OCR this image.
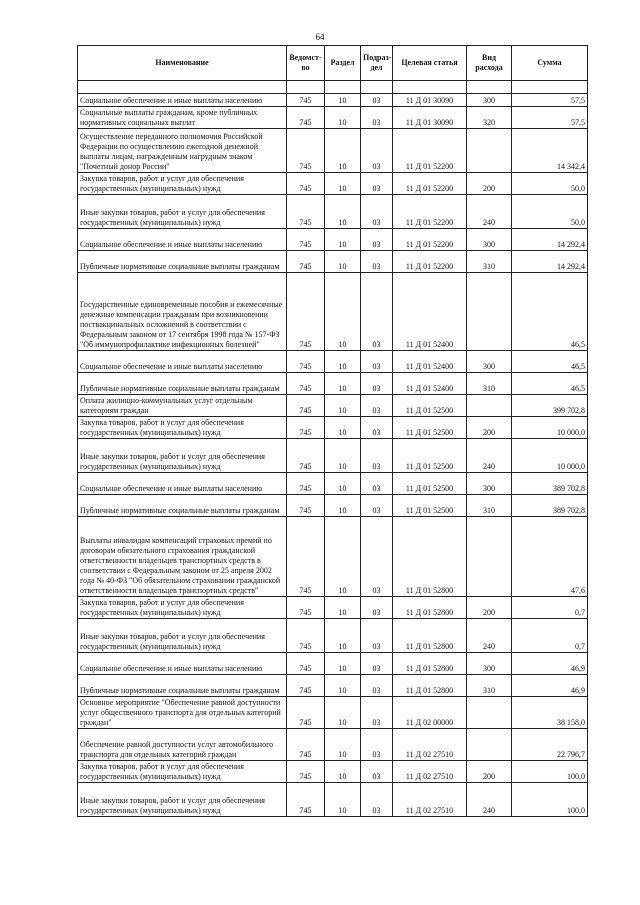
64
Наименование	Ведомст-во	Раздел	Подраз-дел	Целевая статья	Вид расхода	Сумма

Социальное обеспечение и иные выплаты населению	745	10	03	11 Д 01 30090	300	57,5
Социальные выплаты гражданам, кроме публичных нормативных социальных выплат	745	10	03	11 Д 01 30090	320	57,5
Осуществление переданного полномочия Российской Федерации по осуществлению ежегодной денежной выплаты лицам, награжденным нагрудным знаком "Почетный донор России"	745	10	03	11 Д 01 52200		14 342,4
Закупка товаров, работ и услуг для обеспечения государственных (муниципальных) нужд	745	10	03	11 Д 01 52200	200	50,0
Иные закупки товаров, работ и услуг для обеспечения государственных (муниципальных) нужд	745	10	03	11 Д 01 52200	240	50,0
Социальное обеспечение и иные выплаты населению	745	10	03	11 Д 01 52200	300	14 292,4
Публичные нормативные социальные выплаты гражданам	745	10	03	11 Д 01 52200	310	14 292,4
Государственные единовременные пособия и ежемесячные денежные компенсации гражданам при возникновении поствакцинальных осложнений в соответствии с Федеральным законом от 17 сентября 1998 года № 157-ФЗ "Об иммунопрофилактике инфекционных болезней"	745	10	03	11 Д 01 52400		46,5
Социальное обеспечение и иные выплаты населению	745	10	03	11 Д 01 52400	300	46,5
Публичные нормативные социальные выплаты гражданам	745	10	03	11 Д 01 52400	310	46,5
Оплата жилищно-коммунальных услуг отдельным категориям граждан	745	10	03	11 Д 01 52500		399 702,8
Закупка товаров, работ и услуг для обеспечения государственных (муниципальных) нужд	745	10	03	11 Д 01 52500	200	10 000,0
Иные закупки товаров, работ и услуг для обеспечения государственных (муниципальных) нужд	745	10	03	11 Д 01 52500	240	10 000,0
Социальное обеспечение и иные выплаты населению	745	10	03	11 Д 01 52500	300	389 702,8
Публичные нормативные социальные выплаты гражданам	745	10	03	11 Д 01 52500	310	389 702,8
Выплаты инвалидам компенсаций страховых премий по договорам обязательного страхования гражданской ответственности владельцев транспортных средств в соответствии с Федеральным законом от 25 апреля 2002 года № 40-ФЗ "Об обязательном страховании гражданской ответственности владельцев транспортных средств"	745	10	03	11 Д 01 52800		47,6
Закупка товаров, работ и услуг для обеспечения государственных (муниципальных) нужд	745	10	03	11 Д 01 52800	200	0,7
Иные закупки товаров, работ и услуг для обеспечения государственных (муниципальных) нужд	745	10	03	11 Д 01 52800	240	0,7
Социальное обеспечение и иные выплаты населению	745	10	03	11 Д 01 52800	300	46,9
Публичные нормативные социальные выплаты гражданам	745	10	03	11 Д 01 52800	310	46,9
Основное мероприятие "Обеспечение равной доступности услуг общественного транспорта для отдельных категорий граждан"	745	10	03	11 Д 02 00000		38 158,0
Обеспечение равной доступности услуг автомобильного транспорта для отдельных категорий граждан	745	10	03	11 Д 02 27510		22 796,7
Закупка товаров, работ и услуг для обеспечения государственных (муниципальных) нужд	745	10	03	11 Д 02 27510	200	100,0
Иные закупки товаров, работ и услуг для обеспечения государственных (муниципальных) нужд	745	10	03	11 Д 02 27510	240	100,0
